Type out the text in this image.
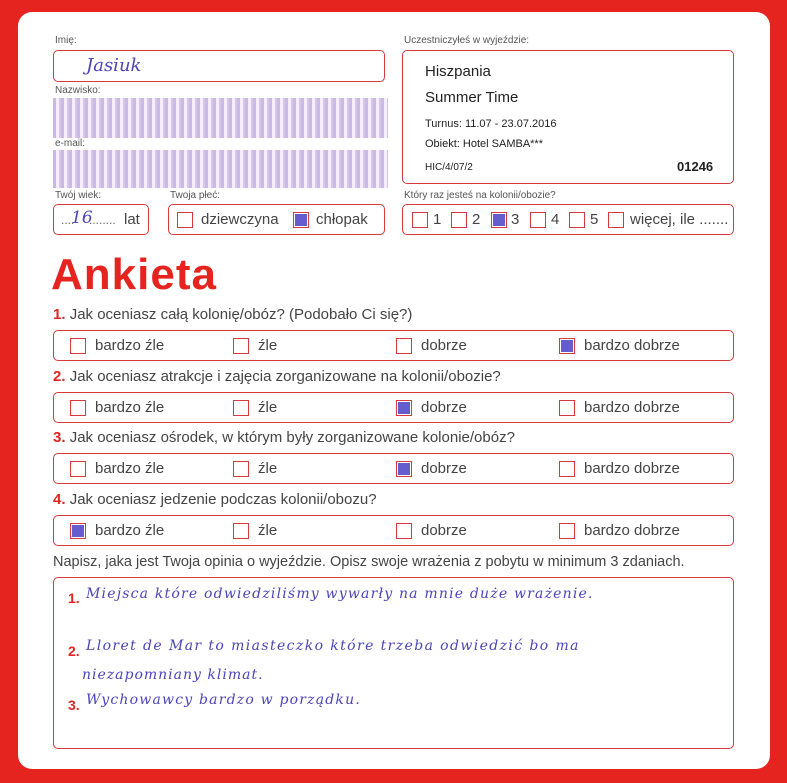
Imię:
Jasiuk
Nazwisko:
e-mail:
Twój wiek:
....
16
........ lat
Twoja płeć:
dziewczyna chłopak
Uczestniczyłeś w wyjeździe:
Hiszpania
Summer Time
Turnus: 11.07 - 23.07.2016
Obiekt: Hotel SAMBA***
HIC/4/07/2	01246
Który raz jesteś na kolonii/obozie?
1 2 3 4 5 więcej, ile .......
Ankieta
1. Jak oceniasz całą kolonię/obóz? (Podobało Ci się?)
bardzo źle	źle	dobrze	bardzo dobrze
2. Jak oceniasz atrakcje i zajęcia zorganizowane na kolonii/obozie?
bardzo źle	źle	dobrze	bardzo dobrze
3. Jak oceniasz ośrodek, w którym były zorganizowane kolonie/obóz?
bardzo źle	źle	dobrze	bardzo dobrze
4. Jak oceniasz jedzenie podczas kolonii/obozu?
bardzo źle	źle	dobrze	bardzo dobrze
Napisz, jaka jest Twoja opinia o wyjeździe. Opisz swoje wrażenia z pobytu w minimum 3 zdaniach.
1. Miejsca które odwiedziliśmy wywarły na mnie duże wrażenie.
2. Lloret de Mar to miasteczko które trzeba odwiedzić bo ma
niezapomniany klimat.
3. Wychowawcy bardzo w porządku.
